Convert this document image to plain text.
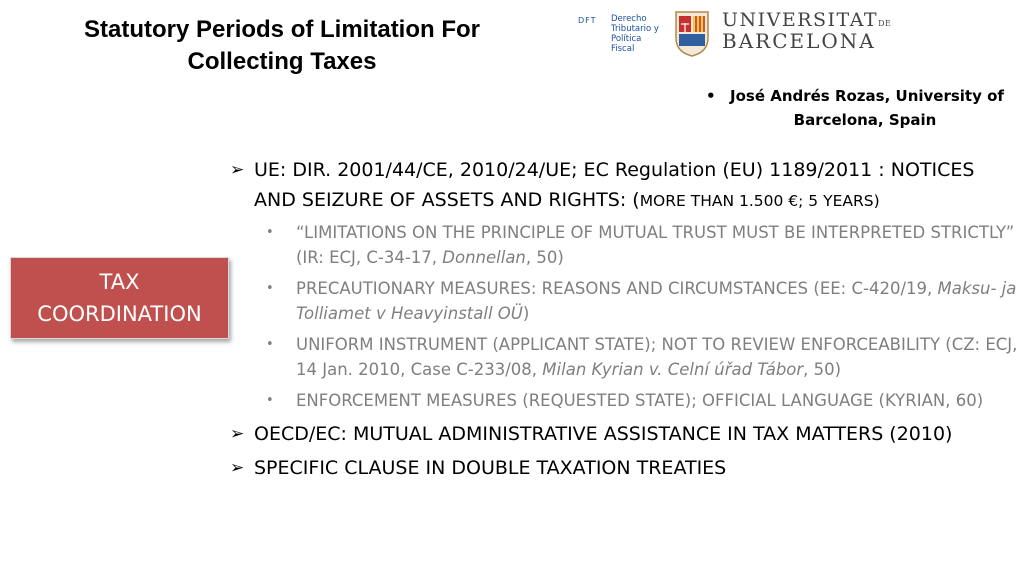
Statutory Periods of Limitation For
Collecting Taxes
DFT Derecho
Tributario y
Política
Fiscal
$UNIVERSITAT^{DE}$
BARCELONA
• José Andrés Rozas, University of
Barcelona, Spain
TAX
COORDINATION
➢ UE: DIR. 2001/44/CE, 2010/24/UE; EC Regulation (EU) 1189/2011 : NOTICES AND SEIZURE OF ASSETS AND RIGHTS: (MORE THAN 1.500 €; 5 YEARS)
• “LIMITATIONS ON THE PRINCIPLE OF MUTUAL TRUST MUST BE INTERPRETED STRICTLY” (IR: ECJ, C-34-17, Donnellan, 50)
• PRECAUTIONARY MEASURES: REASONS AND CIRCUMSTANCES (EE: C-420/19, Maksu- ja Tolliamet v Heavyinstall OÜ)
• UNIFORM INSTRUMENT (APPLICANT STATE); NOT TO REVIEW ENFORCEABILITY (CZ: ECJ, 14 Jan. 2010, Case C-233/08, Milan Kyrian v. Celní úřad Tábor, 50)
• ENFORCEMENT MEASURES (REQUESTED STATE); OFFICIAL LANGUAGE (KYRIAN, 60)
➢ OECD/EC: MUTUAL ADMINISTRATIVE ASSISTANCE IN TAX MATTERS (2010)
➢ SPECIFIC CLAUSE IN DOUBLE TAXATION TREATIES
